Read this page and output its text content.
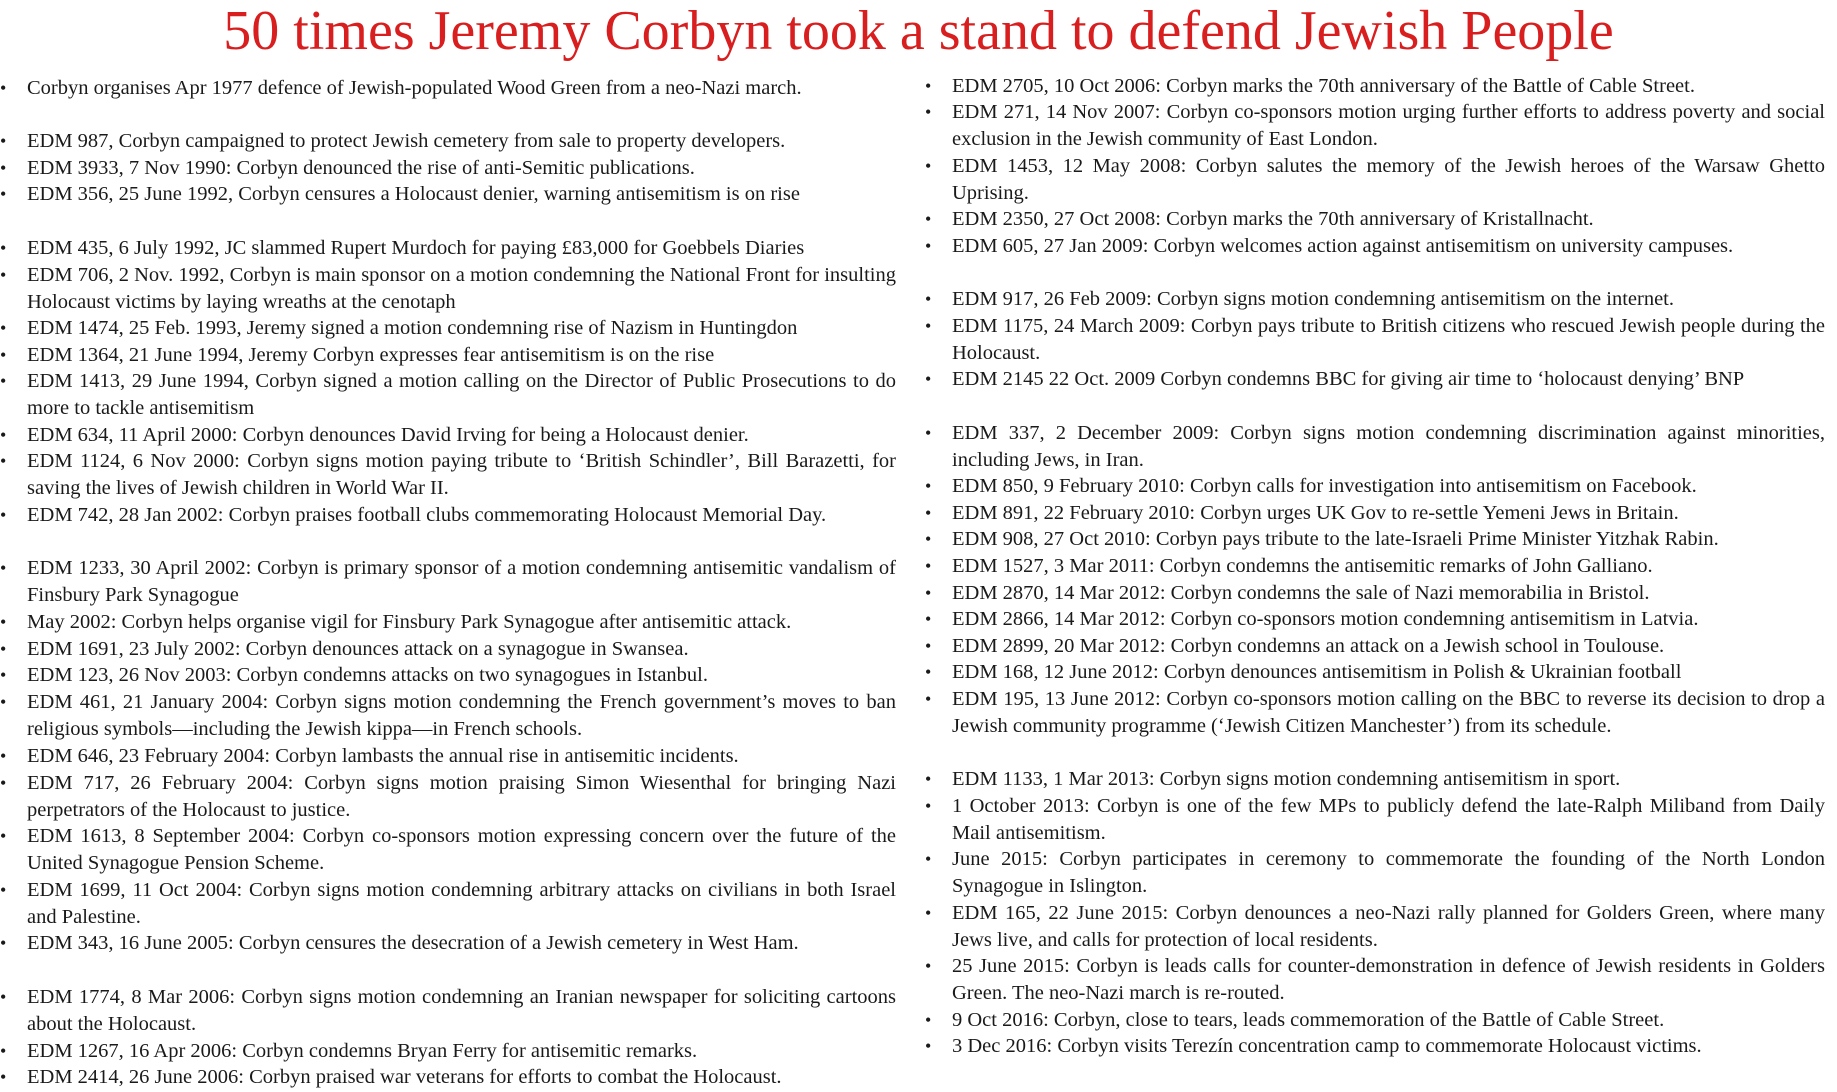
50 times Jeremy Corbyn took a stand to defend Jewish People
• Corbyn organises Apr 1977 defence of Jewish-populated Wood Green from a neo-Nazi march.
• EDM 987, Corbyn campaigned to protect Jewish cemetery from sale to property developers.
• EDM 3933, 7 Nov 1990: Corbyn denounced the rise of anti-Semitic publications.
• EDM 356, 25 June 1992, Corbyn censures a Holocaust denier, warning antisemitism is on rise
• EDM 435, 6 July 1992, JC slammed Rupert Murdoch for paying £83,000 for Goebbels Diaries
• EDM 706, 2 Nov. 1992, Corbyn is main sponsor on a motion condemning the National Front for insulting Holocaust victims by laying wreaths at the cenotaph
• EDM 1474, 25 Feb. 1993, Jeremy signed a motion condemning rise of Nazism in Huntingdon
• EDM 1364, 21 June 1994, Jeremy Corbyn expresses fear antisemitism is on the rise
• EDM 1413, 29 June 1994, Corbyn signed a motion calling on the Director of Public Prosecutions to do more to tackle antisemitism
• EDM 634, 11 April 2000: Corbyn denounces David Irving for being a Holocaust denier.
• EDM 1124, 6 Nov 2000: Corbyn signs motion paying tribute to ‘British Schindler’, Bill Barazetti, for saving the lives of Jewish children in World War II.
• EDM 742, 28 Jan 2002: Corbyn praises football clubs commemorating Holocaust Memorial Day.
• EDM 1233, 30 April 2002: Corbyn is primary sponsor of a motion condemning antisemitic vandalism of Finsbury Park Synagogue
• May 2002: Corbyn helps organise vigil for Finsbury Park Synagogue after antisemitic attack.
• EDM 1691, 23 July 2002: Corbyn denounces attack on a synagogue in Swansea.
• EDM 123, 26 Nov 2003: Corbyn condemns attacks on two synagogues in Istanbul.
• EDM 461, 21 January 2004: Corbyn signs motion condemning the French government’s moves to ban religious symbols—including the Jewish kippa—in French schools.
• EDM 646, 23 February 2004: Corbyn lambasts the annual rise in antisemitic incidents.
• EDM 717, 26 February 2004: Corbyn signs motion praising Simon Wiesenthal for bringing Nazi perpetrators of the Holocaust to justice.
• EDM 1613, 8 September 2004: Corbyn co-sponsors motion expressing concern over the future of the United Synagogue Pension Scheme.
• EDM 1699, 11 Oct 2004: Corbyn signs motion condemning arbitrary attacks on civilians in both Israel and Palestine.
• EDM 343, 16 June 2005: Corbyn censures the desecration of a Jewish cemetery in West Ham.
• EDM 1774, 8 Mar 2006: Corbyn signs motion condemning an Iranian newspaper for soliciting cartoons about the Holocaust.
• EDM 1267, 16 Apr 2006: Corbyn condemns Bryan Ferry for antisemitic remarks.
• EDM 2414, 26 June 2006: Corbyn praised war veterans for efforts to combat the Holocaust.
• EDM 2705, 10 Oct 2006: Corbyn marks the 70th anniversary of the Battle of Cable Street.
• EDM 271, 14 Nov 2007: Corbyn co-sponsors motion urging further efforts to address poverty and social exclusion in the Jewish community of East London.
• EDM 1453, 12 May 2008: Corbyn salutes the memory of the Jewish heroes of the Warsaw Ghetto Uprising.
• EDM 2350, 27 Oct 2008: Corbyn marks the 70th anniversary of Kristallnacht.
• EDM 605, 27 Jan 2009: Corbyn welcomes action against antisemitism on university campuses.
• EDM 917, 26 Feb 2009: Corbyn signs motion condemning antisemitism on the internet.
• EDM 1175, 24 March 2009: Corbyn pays tribute to British citizens who rescued Jewish people during the Holocaust.
• EDM 2145 22 Oct. 2009 Corbyn condemns BBC for giving air time to ‘holocaust denying’ BNP
• EDM 337, 2 December 2009: Corbyn signs motion condemning discrimination against minorities, including Jews, in Iran.
• EDM 850, 9 February 2010: Corbyn calls for investigation into antisemitism on Facebook.
• EDM 891, 22 February 2010: Corbyn urges UK Gov to re-settle Yemeni Jews in Britain.
• EDM 908, 27 Oct 2010: Corbyn pays tribute to the late-Israeli Prime Minister Yitzhak Rabin.
• EDM 1527, 3 Mar 2011: Corbyn condemns the antisemitic remarks of John Galliano.
• EDM 2870, 14 Mar 2012: Corbyn condemns the sale of Nazi memorabilia in Bristol.
• EDM 2866, 14 Mar 2012: Corbyn co-sponsors motion condemning antisemitism in Latvia.
• EDM 2899, 20 Mar 2012: Corbyn condemns an attack on a Jewish school in Toulouse.
• EDM 168, 12 June 2012: Corbyn denounces antisemitism in Polish & Ukrainian football
• EDM 195, 13 June 2012: Corbyn co-sponsors motion calling on the BBC to reverse its decision to drop a Jewish community programme (‘Jewish Citizen Manchester’) from its schedule.
• EDM 1133, 1 Mar 2013: Corbyn signs motion condemning antisemitism in sport.
• 1 October 2013: Corbyn is one of the few MPs to publicly defend the late-Ralph Miliband from Daily Mail antisemitism.
• June 2015: Corbyn participates in ceremony to commemorate the founding of the North London Synagogue in Islington.
• EDM 165, 22 June 2015: Corbyn denounces a neo-Nazi rally planned for Golders Green, where many Jews live, and calls for protection of local residents.
• 25 June 2015: Corbyn is leads calls for counter-demonstration in defence of Jewish residents in Golders Green. The neo-Nazi march is re-routed.
• 9 Oct 2016: Corbyn, close to tears, leads commemoration of the Battle of Cable Street.
• 3 Dec 2016: Corbyn visits Terezín concentration camp to commemorate Holocaust victims.
